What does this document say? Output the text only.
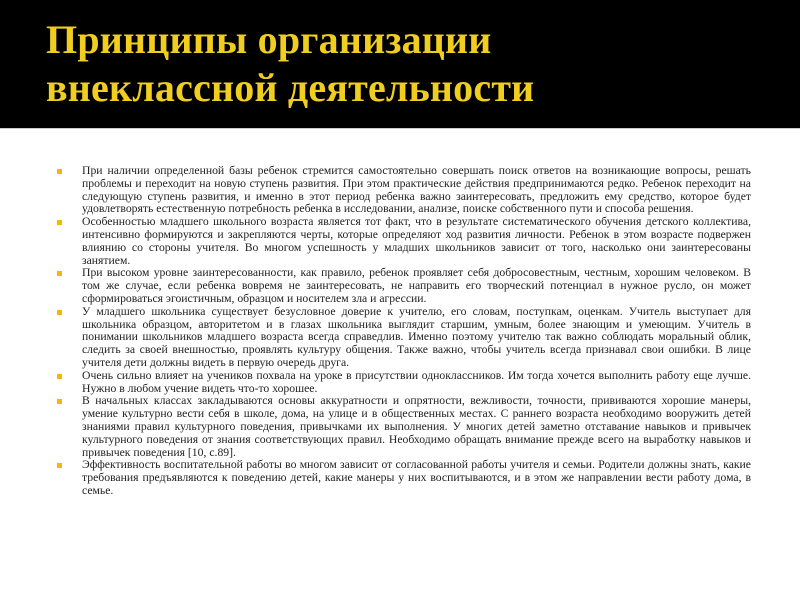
Принципы организации
внеклассной деятельности
При наличии определенной базы ребенок стремится самостоятельно совершать поиск ответов на возникающие вопросы, решать проблемы и переходит на новую ступень развития. При этом практические действия предпринимаются редко. Ребенок переходит на следующую ступень развития, и именно в этот период ребенка важно заинтересовать, предложить ему средство, которое будет удовлетворять естественную потребность ребенка в исследовании, анализе, поиске собственного пути и способа решения.
Особенностью младшего школьного возраста является тот факт, что в результате систематического обучения детского коллектива, интенсивно формируются и закрепляются черты, которые определяют ход развития личности. Ребенок в этом возрасте подвержен влиянию со стороны учителя. Во многом успешность у младших школьников зависит от того, насколько они заинтересованы занятием.
При высоком уровне заинтересованности, как правило, ребенок проявляет себя добросовестным, честным, хорошим человеком. В том же случае, если ребенка вовремя не заинтересовать, не направить его творческий потенциал в нужное русло, он может сформироваться эгоистичным, образцом и носителем зла и агрессии.
У младшего школьника существует безусловное доверие к учителю, его словам, поступкам, оценкам. Учитель выступает для школьника образцом, авторитетом и в глазах школьника выглядит старшим, умным, более знающим и умеющим. Учитель в понимании школьников младшего возраста всегда справедлив. Именно поэтому учителю так важно соблюдать моральный облик, следить за своей внешностью, проявлять культуру общения. Также важно, чтобы учитель всегда признавал свои ошибки. В лице учителя дети должны видеть в первую очередь друга.
Очень сильно влияет на учеников похвала на уроке в присутствии одноклассников. Им тогда хочется выполнить работу еще лучше. Нужно в любом учение видеть что-то хорошее.
В начальных классах закладываются основы аккуратности и опрятности, вежливости, точности, прививаются хорошие манеры, умение культурно вести себя в школе, дома, на улице и в общественных местах. С раннего возраста необходимо вооружить детей знаниями правил культурного поведения, привычками их выполнения. У многих детей заметно отставание навыков и привычек культурного поведения от знания соответствующих правил. Необходимо обращать внимание прежде всего на выработку навыков и привычек поведения [10, с.89].
Эффективность воспитательной работы во многом зависит от согласованной работы учителя и семьи. Родители должны знать, какие требования предъявляются к поведению детей, какие манеры у них воспитываются, и в этом же направлении вести работу дома, в семье.
